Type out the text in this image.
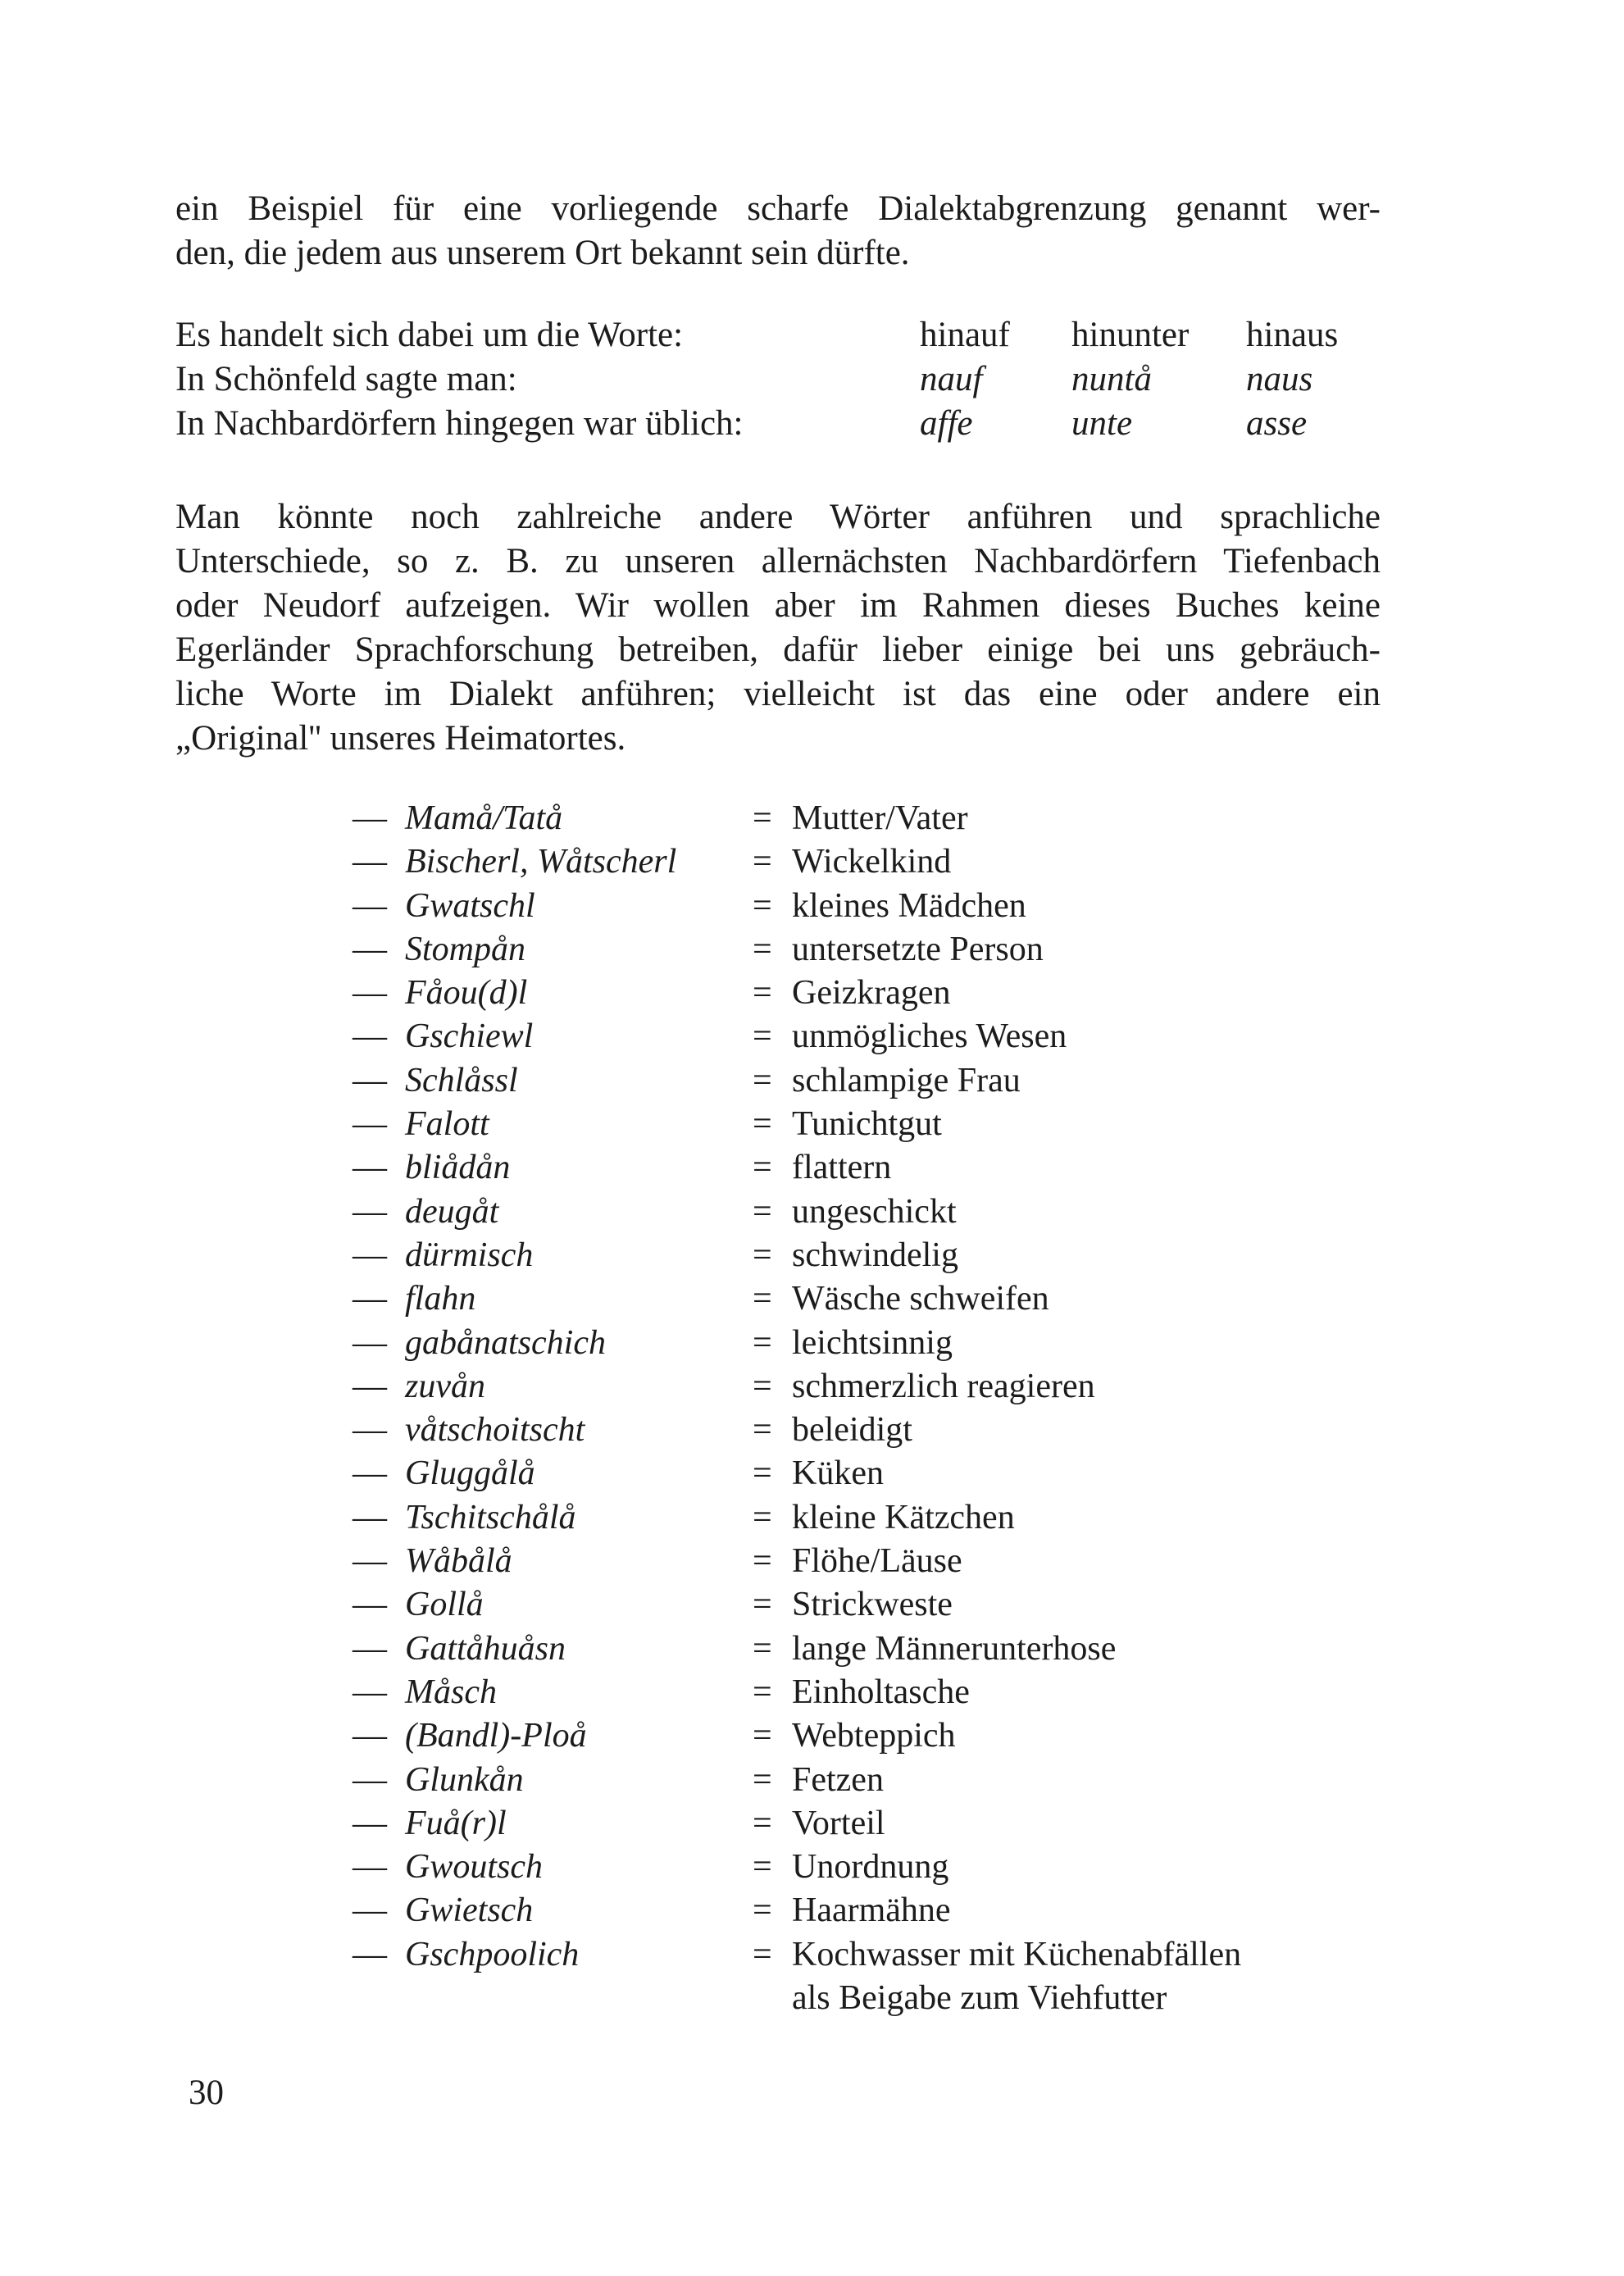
ein Beispiel für eine vorliegende scharfe Dialektabgrenzung genannt wer-
den, die jedem aus unserem Ort bekannt sein dürfte.
Es handelt sich dabei um die Worte:	hinauf hinunter hinaus
In Schönfeld sagte man:	nauf	nuntå	naus
In Nachbardörfern hingegen war üblich:	affe	unte	asse
Man könnte noch zahlreiche andere Wörter anführen und sprachliche
Unterschiede, so z. B. zu unseren allernächsten Nachbardörfern Tiefenbach
oder Neudorf aufzeigen. Wir wollen aber im Rahmen dieses Buches keine
Egerländer Sprachforschung betreiben, dafür lieber einige bei uns gebräuch-
liche Worte im Dialekt anführen; vielleicht ist das eine oder andere ein
„Original'' unseres Heimatortes.
— Mamå/Tatå	= Mutter/Vater
— Bischerl, Wåtscherl = Wickelkind
— Gwatschl	= kleines Mädchen
— Stompån	= untersetzte Person
— Fåou(d)l	= Geizkragen
— Gschiewl	= unmögliches Wesen
— Schlåssl	= schlampige Frau
— Falott	= Tunichtgut
— bliådån	= flattern
— deugåt	= ungeschickt
— dürmisch	= schwindelig
— flahn	= Wäsche schweifen
— gabånatschich	= leichtsinnig
— zuvån	= schmerzlich reagieren
— våtschoitscht	= beleidigt
— Gluggålå	= Küken
— Tschitschålå	= kleine Kätzchen
— Wåbålå	= Flöhe/Läuse
— Gollå	= Strickweste
— Gattåhuåsn	= lange Männerunterhose
— Måsch	= Einholtasche
— (Bandl)-Ploå	= Webteppich
— Glunkån	= Fetzen
— Fuå(r)l	= Vorteil
— Gwoutsch	= Unordnung
— Gwietsch	= Haarmähne
— Gschpoolich	= Kochwasser mit Küchenabfällen
als Beigabe zum Viehfutter
30
